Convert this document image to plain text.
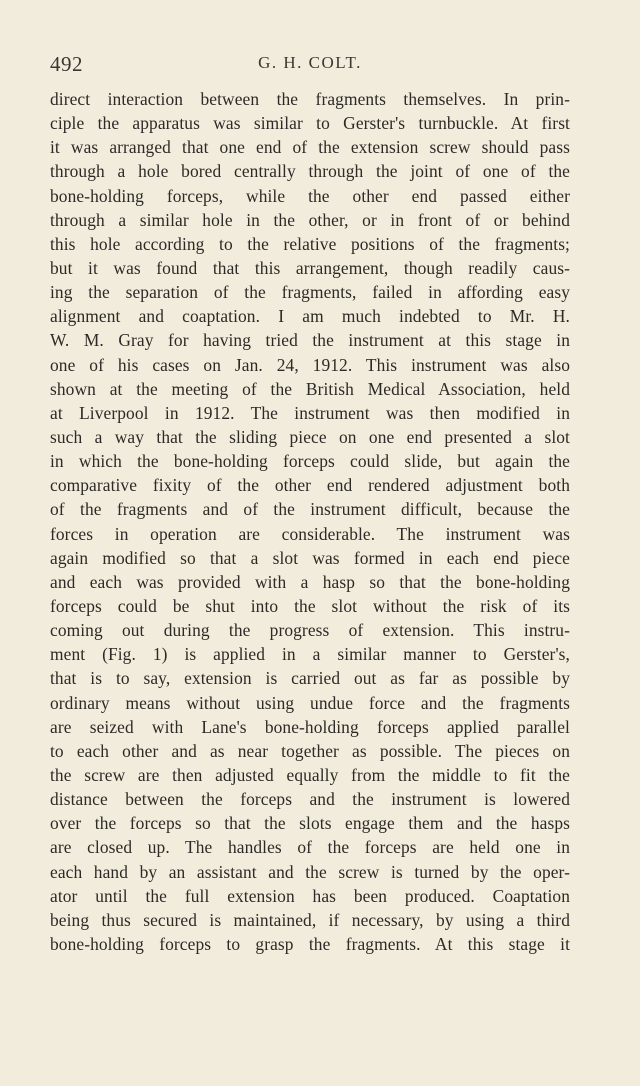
492	G. H. COLT.
direct interaction between the fragments themselves. In prin-
ciple the apparatus was similar to Gerster's turnbuckle. At first
it was arranged that one end of the extension screw should pass
through a hole bored centrally through the joint of one of the
bone-holding forceps, while the other end passed either
through a similar hole in the other, or in front of or behind
this hole according to the relative positions of the fragments;
but it was found that this arrangement, though readily caus-
ing the separation of the fragments, failed in affording easy
alignment and coaptation. I am much indebted to Mr. H.
W. M. Gray for having tried the instrument at this stage in
one of his cases on Jan. 24, 1912. This instrument was also
shown at the meeting of the British Medical Association, held
at Liverpool in 1912. The instrument was then modified in
such a way that the sliding piece on one end presented a slot
in which the bone-holding forceps could slide, but again the
comparative fixity of the other end rendered adjustment both
of the fragments and of the instrument difficult, because the
forces in operation are considerable. The instrument was
again modified so that a slot was formed in each end piece
and each was provided with a hasp so that the bone-holding
forceps could be shut into the slot without the risk of its
coming out during the progress of extension. This instru-
ment (Fig. 1) is applied in a similar manner to Gerster's,
that is to say, extension is carried out as far as possible by
ordinary means without using undue force and the fragments
are seized with Lane's bone-holding forceps applied parallel
to each other and as near together as possible. The pieces on
the screw are then adjusted equally from the middle to fit the
distance between the forceps and the instrument is lowered
over the forceps so that the slots engage them and the hasps
are closed up. The handles of the forceps are held one in
each hand by an assistant and the screw is turned by the oper-
ator until the full extension has been produced. Coaptation
being thus secured is maintained, if necessary, by using a third
bone-holding forceps to grasp the fragments. At this stage it
